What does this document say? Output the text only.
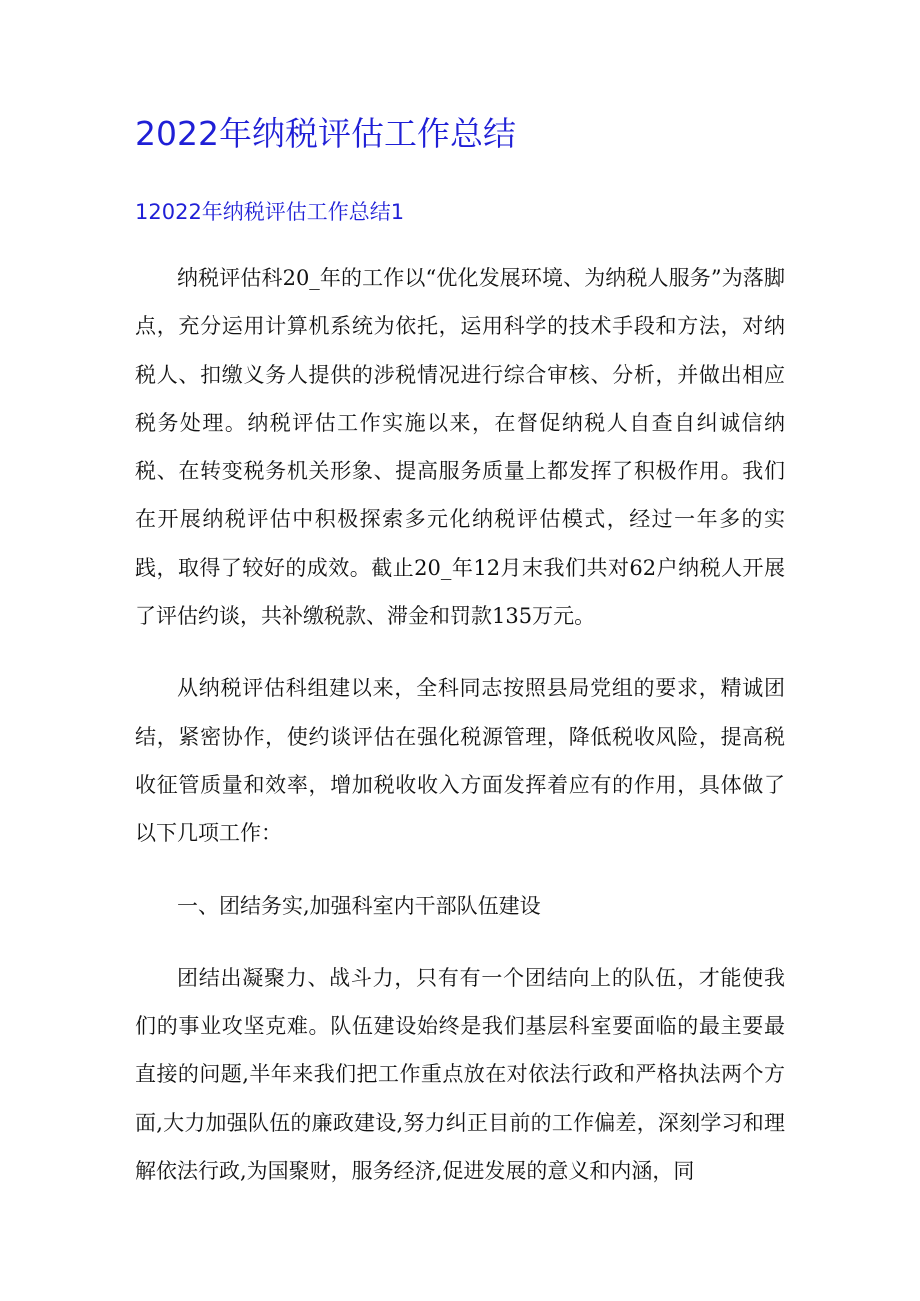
2022年纳税评估工作总结
12022年纳税评估工作总结1

纳税评估科20_年的工作以“优化发展环境、为纳税人服务”为落脚点，充分运用计算机系统为依托，运用科学的技术手段和方法，对纳税人、扣缴义务人提供的涉税情况进行综合审核、分析，并做出相应税务处理。纳税评估工作实施以来，在督促纳税人自查自纠诚信纳税、在转变税务机关形象、提高服务质量上都发挥了积极作用。我们在开展纳税评估中积极探索多元化纳税评估模式，经过一年多的实践，取得了较好的成效。截止20_年12月末我们共对62户纳税人开展了评估约谈，共补缴税款、滞金和罚款135万元。

从纳税评估科组建以来，全科同志按照县局党组的要求，精诚团结，紧密协作，使约谈评估在强化税源管理，降低税收风险，提高税收征管质量和效率，增加税收收入方面发挥着应有的作用，具体做了以下几项工作：

一、团结务实,加强科室内干部队伍建设

团结出凝聚力、战斗力，只有有一个团结向上的队伍，才能使我们的事业攻坚克难。队伍建设始终是我们基层科室要面临的最主要最直接的问题,半年来我们把工作重点放在对依法行政和严格执法两个方面,大力加强队伍的廉政建设,努力纠正目前的工作偏差，深刻学习和理解依法行政,为国聚财，服务经济,促进发展的意义和内涵，同
